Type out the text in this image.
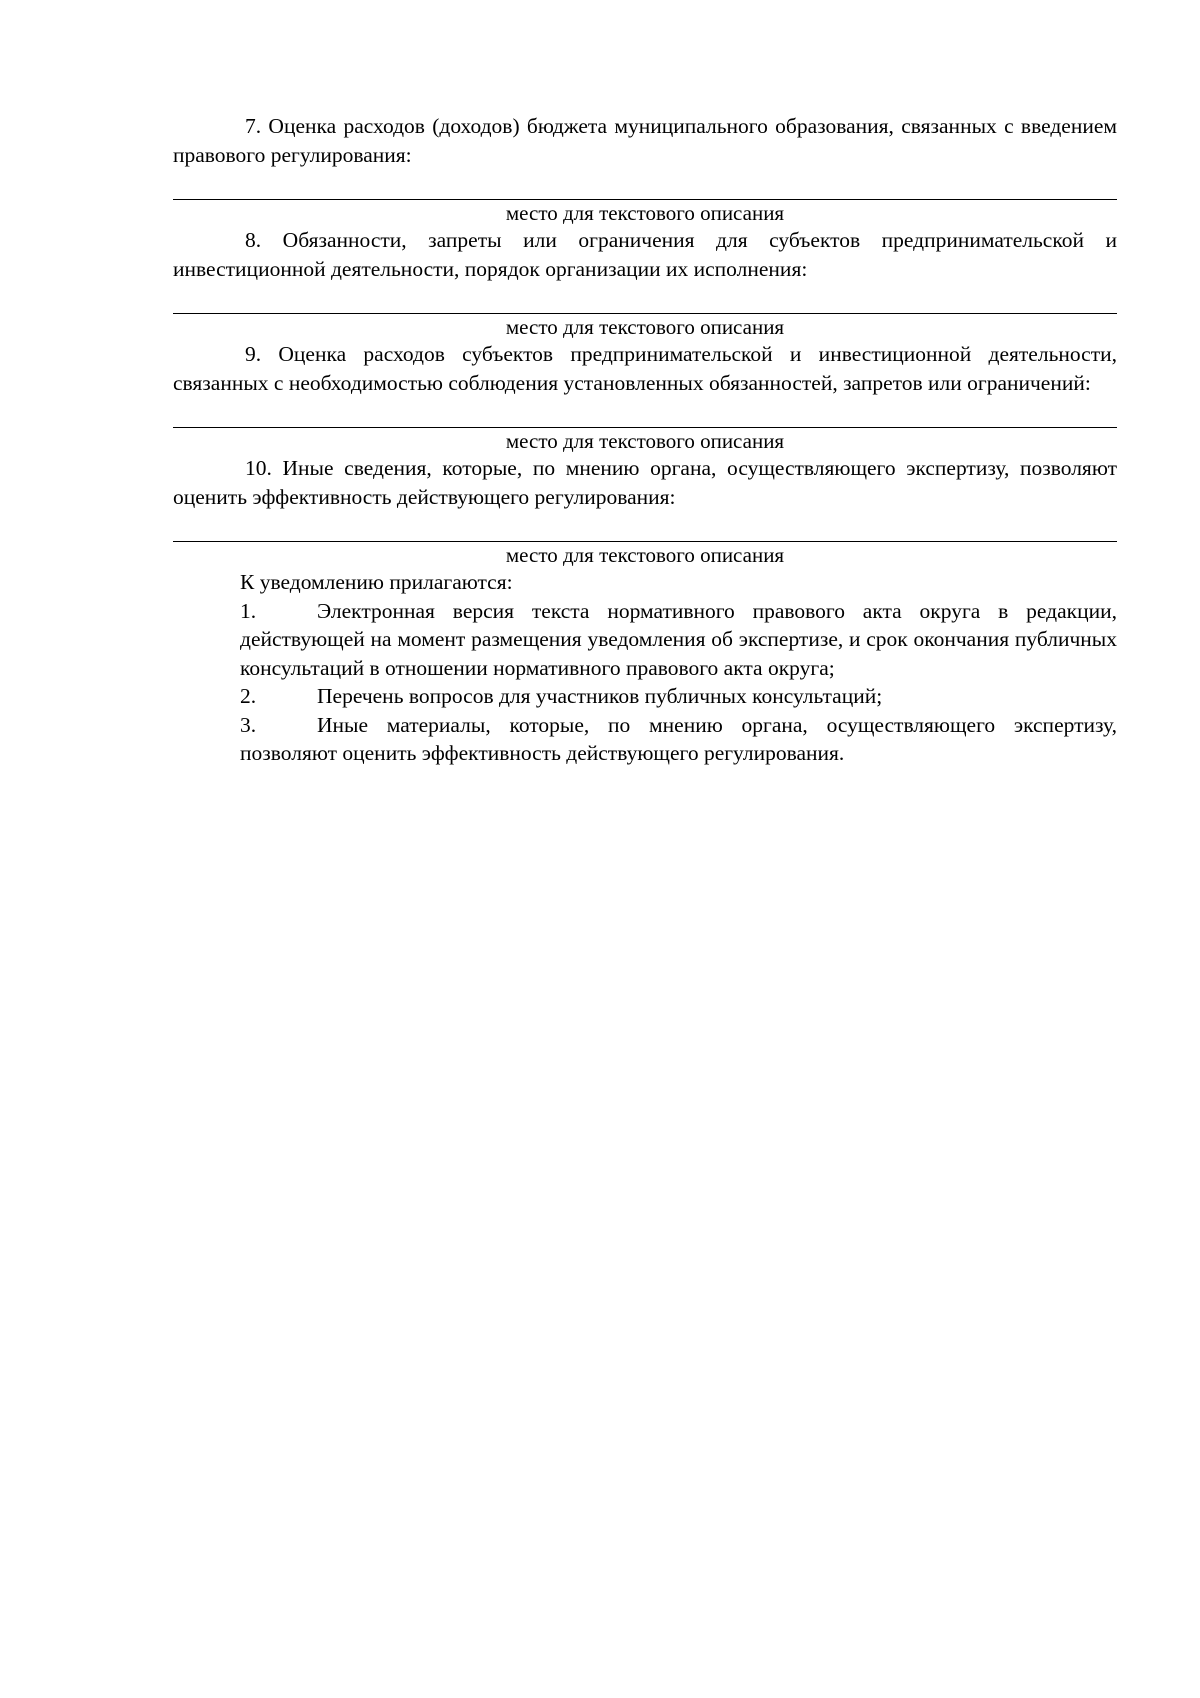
7. Оценка расходов (доходов) бюджета муниципального образования, связанных с введением правового регулирования:

место для текстового описания

8. Обязанности, запреты или ограничения для субъектов предпринимательской и инвестиционной деятельности, порядок организации их исполнения:

место для текстового описания

9. Оценка расходов субъектов предпринимательской и инвестиционной деятельности, связанных с необходимостью соблюдения установленных обязанностей, запретов или ограничений:

место для текстового описания

10. Иные сведения, которые, по мнению органа, осуществляющего экспертизу, позволяют оценить эффективность действующего регулирования:

место для текстового описания

К уведомлению прилагаются:

1.	Электронная версия текста нормативного правового акта округа в редакции, действующей на момент размещения уведомления об экспертизе, и срок окончания публичных консультаций в отношении нормативного правового акта округа;

2.	Перечень вопросов для участников публичных консультаций;

3.	Иные материалы, которые, по мнению органа, осуществляющего экспертизу, позволяют оценить эффективность действующего регулирования.
